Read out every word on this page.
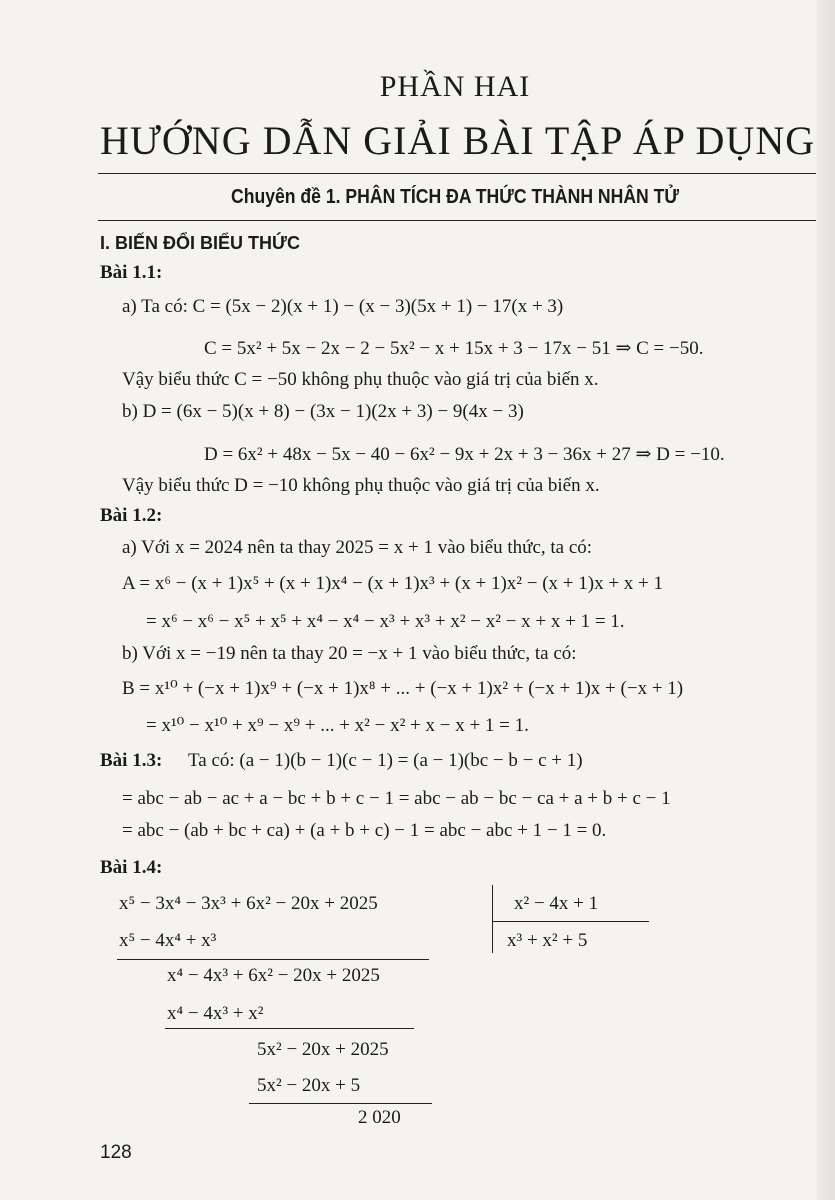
PHẦN HAI
HƯỚNG DẪN GIẢI BÀI TẬP ÁP DỤNG
Chuyên đề 1. PHÂN TÍCH ĐA THỨC THÀNH NHÂN TỬ
I. BIẾN ĐỔI BIỂU THỨC
Bài 1.1:
a) Ta có: C = (5x − 2)(x + 1) − (x − 3)(5x + 1) − 17(x + 3)
C = 5x² + 5x − 2x − 2 − 5x² − x + 15x + 3 − 17x − 51 ⇒ C = −50.
Vậy biểu thức C = −50 không phụ thuộc vào giá trị của biến x.
b) D = (6x − 5)(x + 8) − (3x − 1)(2x + 3) − 9(4x − 3)
D = 6x² + 48x − 5x − 40 − 6x² − 9x + 2x + 3 − 36x + 27 ⇒ D = −10.
Vậy biểu thức D = −10 không phụ thuộc vào giá trị của biến x.
Bài 1.2:
a) Với x = 2024 nên ta thay 2025 = x + 1 vào biểu thức, ta có:
A = x⁶ − (x + 1)x⁵ + (x + 1)x⁴ − (x + 1)x³ + (x + 1)x² − (x + 1)x + x + 1
= x⁶ − x⁶ − x⁵ + x⁵ + x⁴ − x⁴ − x³ + x³ + x² − x² − x + x + 1 = 1.
b) Với x = −19 nên ta thay 20 = −x + 1 vào biểu thức, ta có:
B = x¹⁰ + (−x + 1)x⁹ + (−x + 1)x⁸ + ... + (−x + 1)x² + (−x + 1)x + (−x + 1)
= x¹⁰ − x¹⁰ + x⁹ − x⁹ + ... + x² − x² + x − x + 1 = 1.
Bài 1.3: Ta có: (a − 1)(b − 1)(c − 1) = (a − 1)(bc − b − c + 1)
= abc − ab − ac + a − bc + b + c − 1 = abc − ab − bc − ca + a + b + c − 1
= abc − (ab + bc + ca) + (a + b + c) − 1 = abc − abc + 1 − 1 = 0.
Bài 1.4:
x⁵ − 3x⁴ − 3x³ + 6x² − 20x + 2025	x² − 4x + 1
x³ + x² + 5
x⁵ − 4x⁴ + x³
x⁴ − 4x³ + 6x² − 20x + 2025
x⁴ − 4x³ + x²
5x² − 20x + 2025
5x² − 20x + 5
2 020
128
